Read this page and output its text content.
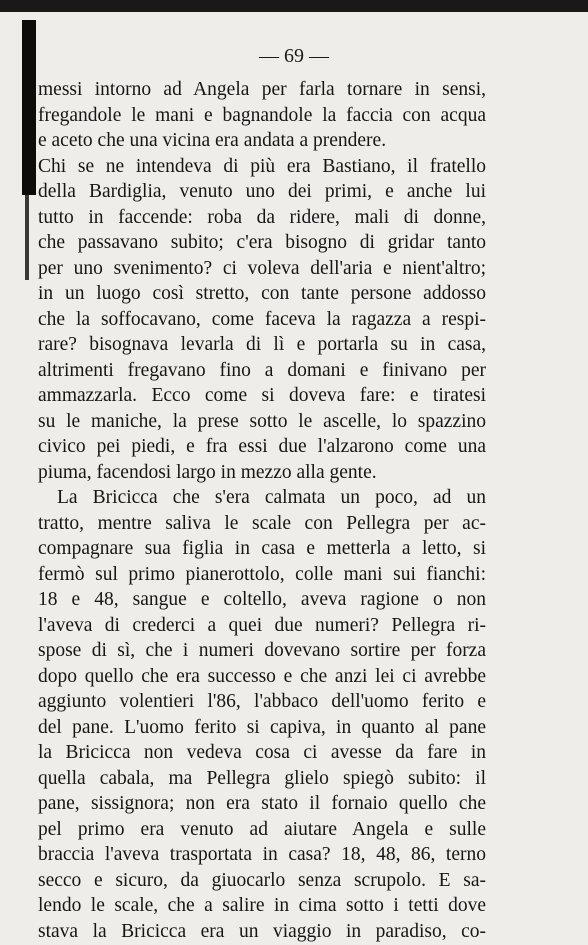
— 69 —
messi intorno ad Angela per farla tornare in sensi,
fregandole le mani e bagnandole la faccia con acqua
e aceto che una vicina era andata a prendere.
Chi se ne intendeva di più era Bastiano, il fratello
della Bardiglia, venuto uno dei primi, e anche lui
tutto in faccende: roba da ridere, mali di donne,
che passavano subito; c'era bisogno di gridar tanto
per uno svenimento? ci voleva dell'aria e nient'altro;
in un luogo così stretto, con tante persone addosso
che la soffocavano, come faceva la ragazza a respi-
rare? bisognava levarla di lì e portarla su in casa,
altrimenti fregavano fino a domani e finivano per
ammazzarla. Ecco come si doveva fare: e tiratesi
su le maniche, la prese sotto le ascelle, lo spazzino
civico pei piedi, e fra essi due l'alzarono come una
piuma, facendosi largo in mezzo alla gente.
La Bricicca che s'era calmata un poco, ad un
tratto, mentre saliva le scale con Pellegra per ac-
compagnare sua figlia in casa e metterla a letto, si
fermò sul primo pianerottolo, colle mani sui fianchi:
18 e 48, sangue e coltello, aveva ragione o non
l'aveva di crederci a quei due numeri? Pellegra ri-
spose di sì, che i numeri dovevano sortire per forza
dopo quello che era successo e che anzi lei ci avrebbe
aggiunto volentieri l'86, l'abbaco dell'uomo ferito e
del pane. L'uomo ferito si capiva, in quanto al pane
la Bricicca non vedeva cosa ci avesse da fare in
quella cabala, ma Pellegra glielo spiegò subito: il
pane, sissignora; non era stato il fornaio quello che
pel primo era venuto ad aiutare Angela e sulle
braccia l'aveva trasportata in casa? 18, 48, 86, terno
secco e sicuro, da giuocarlo senza scrupolo. E sa-
lendo le scale, che a salire in cima sotto i tetti dove
stava la Bricicca era un viaggio in paradiso, co-
